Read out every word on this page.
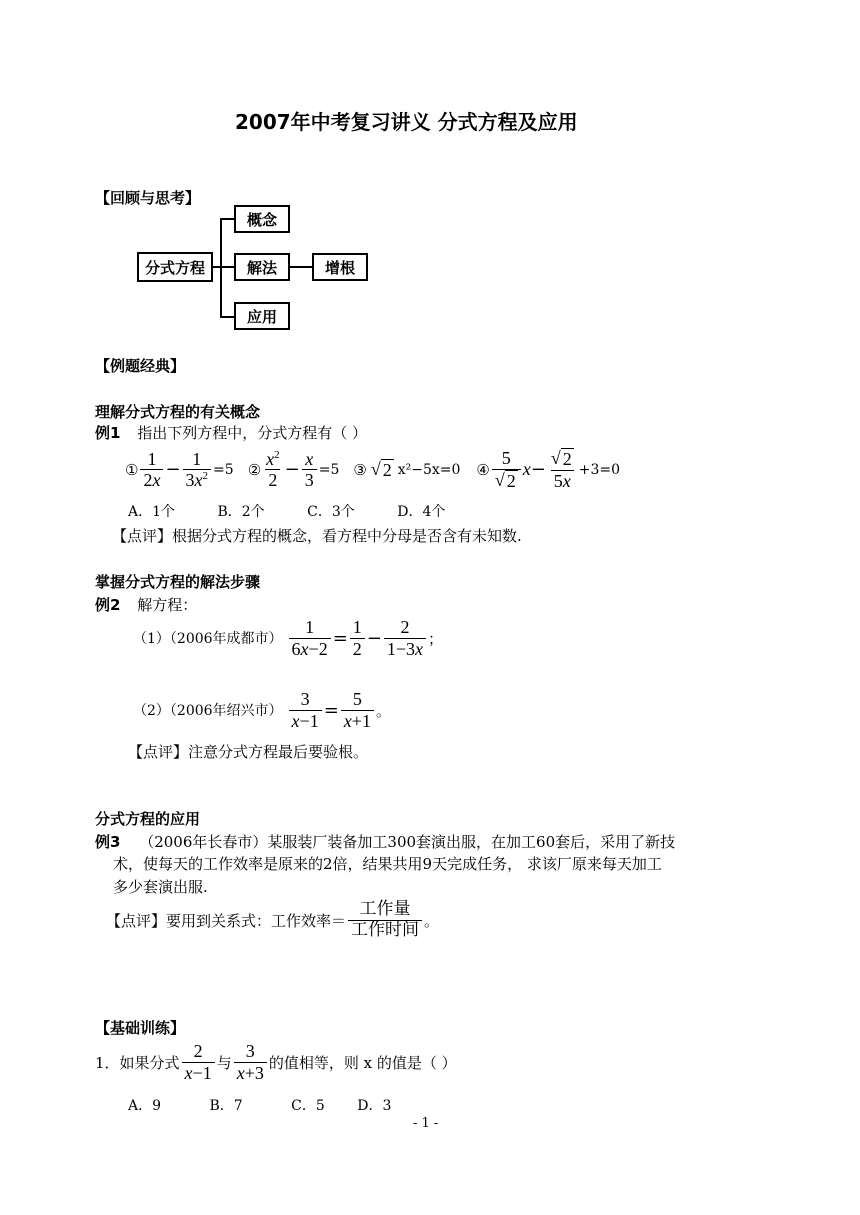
2007年中考复习讲义 分式方程及应用
【回顾与思考】
分式方程
概念
解法
应用
增根
【例题经典】
理解分式方程的有关概念
例1 指出下列方程中，分式方程有（ ）
① $\frac{1}{2x} - \frac{1}{3x^2} =5$ ② $\frac{x^2}{2} - \frac{x}{3} =5$ ③ √ 2 x²−5x=0 ④ $\frac{5}{√ 2}$ $x - \frac{√ 2}{5x} +3=0$
A．1个	B．2个	C．3个	D．4个
【点评】根据分式方程的概念，看方程中分母是否含有未知数.
掌握分式方程的解法步骤
例2 解方程：
（1）（2006年成都市） $\frac{1}{6x-2} = \frac{1}{2} - \frac{2}{1-3x}$ ；
（2）（2006年绍兴市） $\frac{3}{x-1} = \frac{5}{x+1}$ 。
【点评】注意分式方程最后要验根。
分式方程的应用
例3 （2006年长春市）某服装厂装备加工300套演出服，在加工60套后，采用了新技
术，使每天的工作效率是原来的2倍，结果共用9天完成任务， 求该厂原来每天加工
多少套演出服.
【点评】要用到关系式：工作效率＝ $\frac{\text{工作量}}{\text{工作时间}}$ 。
【基础训练】
1．如果分式 $\frac{2}{x-1}$ 与 $\frac{3}{x+3}$ 的值相等，则 x 的值是（ ）
A．9	B．7	C．5 D．3
- 1 -
